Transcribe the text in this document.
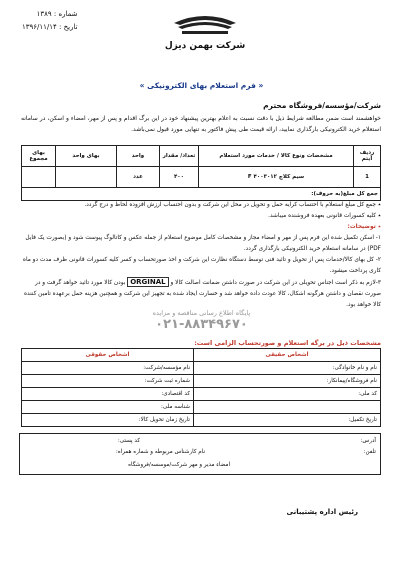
شماره : ۱۳۸۹
تاریخ : ۱۳۹۶/۱۱/۱۴
شرکت بهمن دیزل
« فرم استعلام بهای الکترونیکی »
شرکت/مؤسسه/فروشگاه محترم
خواهشمند است ضمن مطالعه شرایط ذیل با دقت نسبت به اعلام بهترین پیشنهاد خود در این برگ اقدام و پس از مهر، امضاء و اسکن، در سامانه استعلام خرید الکترونیکی بارگذاری نمایید، ارائه قیمت طی پیش فاکتور به تنهایی مورد قبول نمی‌باشد.
ردیف آیتم	مشخصات ونوع کالا / خدمات مورد استعلام	تعداد/ مقدار	واحد	بهای واحد	بهای مجموع
1	سیم کلاچ ۴۰۰۳۰۱۲ F	۴۰۰	عدد		
جمع کل مبلغ(به حروف):					

٭ جمع کل مبلغ استعلام با احتساب کرایه حمل و تحویل در محل این شرکت و بدون احتساب ارزش افزوده لحاظ و درج گردد.

٭ کلیه کسورات قانونی بعهده فروشنده میباشد.

٭ توضیحات:

۱- اسکن تکمیل شده این فرم پس از مهر و امضاء مجاز و مشخصات کامل موضوع استعلام از جمله عکس و کاتالوگ پیوست شود و (بصورت یک فایل PDF) در سامانه استعلام خرید الکترونیکی بارگذاری گردد.

۲- کل بهای کالا/خدمات پس از تحویل و تائید فنی توسط دستگاه نظارت این شرکت و اخذ صورتحساب و کسر کلیه کسورات قانونی ظرف مدت دو ماه کاری پرداخت میشود.

۳-لازم به ذکر است اجناس تحویلی در این شرکت در صورت داشتن ضمانت اصالت کالا و ORGINAL بودن کالا مورد تائید خواهد گرفت و در صورت نقصان و داشتن هرگونه اشکال، کالا عودت داده خواهد شد و خسارت ایجاد شده به تجهیز این شرکت و همچنین هزینه حمل برعهده تامین کننده کالا خواهد بود.

پایگاه اطلاع رسانی مناقصه و مزایده
۰۲۱-۸۸۳۴۹۶۷۰
مشخصات ذیل در برگه استعلام و صورتحساب الزامی است:
اشخاص حقیقی	اشخاص حقوقی
نام و نام خانوادگی:	نام مؤسسه/شرکت:
نام فروشگاه/پیمانکار:	شماره ثبت شرکت:
کد ملی:	کد اقتصادی:
	شناسه ملی:
تاریخ تکمیل:	تاریخ زمان تحویل کالا:
آدرس:
کد پستی:
تلفن:
نام کارشناس مربوطه و شماره همراه:
امضاء مدیر و مهر شرکت/موسسه/فروشگاه
رئیس اداره پشتیبانی
